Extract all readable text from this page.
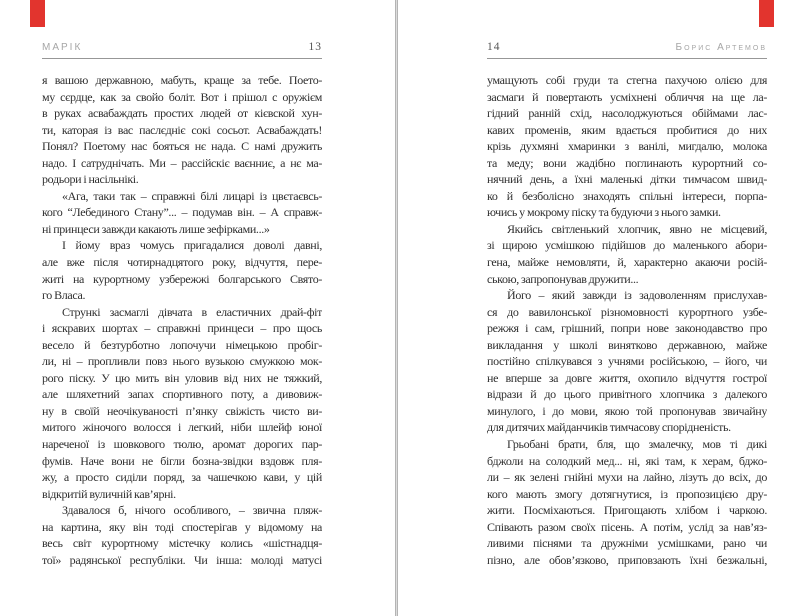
МАРІК	13
я вашою державною, мабуть, краще за тебе. Поето-
му сєрдце, как за свойо боліт. Вот і прішол с оружієм
в руках асвабаждать простих людей от кієвской хун-
ти, каторая із вас паслєдніє сокі сосьот. Асвабаждать!
Понял? Поетому нас бояться нє нада. С намі дружить
надо. І сатруднічать. Ми – рассійскіє ваєнниє, а нє ма-
родьори і насільнікі.
«Ага, таки так – справжні білі лицарі із цвєтаєвсь-
кого “Лебединого Стану”... – подумав він. – А справж-
ні принцеси завжди какають лише зефірками...»
І йому враз чомусь пригадалися доволі давні,
але вже після чотирнадцятого року, відчуття, пере-
житі на курортному узбережжі болгарського Свято-
го Власа.
Стрункі засмаглі дівчата в еластичних драй-фіт
і яскравих шортах – справжні принцеси – про щось
весело й безтурботно лопочучи німецькою пробіг-
ли, ні – пропливли повз нього вузькою смужкою мок-
рого піску. У цю мить він уловив від них не тяжкий,
але шляхетний запах спортивного поту, а дивовиж-
ну в своїй неочікуваності п’янку свіжість чисто ви-
митого жіночого волосся і легкий, ніби шлейф юної
нареченої із шовкового тюлю, аромат дорогих пар-
фумів. Наче вони не бігли бозна-звідки вздовж пля-
жу, а просто сиділи поряд, за чашечкою кави, у цій
відкритій вуличній кав’ярні.
Здавалося б, нічого особливого, – звична пляж-
на картина, яку він тоді спостерігав у відомому на
весь світ курортному містечку колись «шістнадця-
тої» радянської республіки. Чи інша: молоді матусі
14	Борис Артемов
умащують собі груди та стегна пахучою олією для
засмаги й повертають усміхнені обличчя на ще ла-
гідний ранній схід, насолоджуються обіймами лас-
кавих променів, яким вдається пробитися до них
крізь духмяні хмаринки з ванілі, мигдалю, молока
та меду; вони жадібно поглинають курортний со-
нячний день, а їхні маленькі дітки тимчасом швид-
ко й безболісно знаходять спільні інтереси, порпа-
ючись у мокрому піску та будуючи з нього замки.
Якийсь світленький хлопчик, явно не місцевий,
зі щирою усмішкою підійшов до маленького абори-
гена, майже немовляти, й, характерно акаючи росій-
ською, запропонував дружити...
Його – який завжди із задоволенням прислухав-
ся до вавилонської різномовності курортного узбе-
режжя і сам, грішний, попри нове законодавство про
викладання у школі винятково державною, майже
постійно спілкувався з учнями російською, – його, чи
не вперше за довге життя, охопило відчуття гострої
відрази й до цього привітного хлопчика з далекого
минулого, і до мови, якою той пропонував звичайну
для дитячих майданчиків тимчасову спорідненість.
Грьобані брати, бля, що змалечку, мов ті дикі
бджоли на солодкий мед... ні, які там, к херам, бджо-
ли – як зелені гнійні мухи на лайно, лізуть до всіх, до
кого мають змогу дотягнутися, із пропозицією дру-
жити. Посміхаються. Пригощають хлібом і чаркою.
Співають разом своїх пісень. А потім, услід за нав’яз-
ливими піснями та дружніми усмішками, рано чи
пізно, але обов’язково, приповзають їхні безжальні,
